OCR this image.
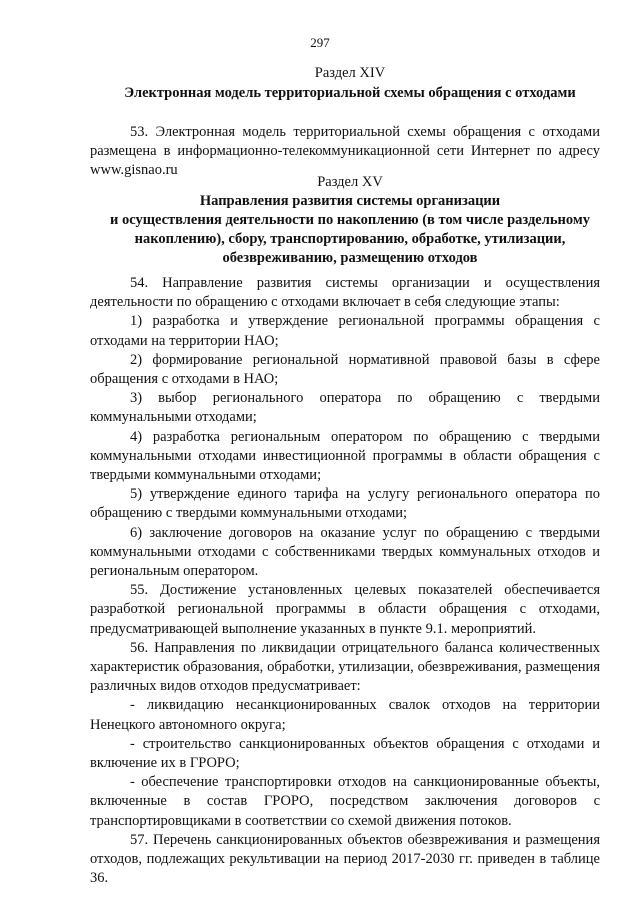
297
Раздел XIV
Электронная модель территориальной схемы обращения с отходами
53. Электронная модель территориальной схемы обращения с отходами размещена в информационно-телекоммуникационной сети Интернет по адресу www.gisnao.ru
Раздел XV
Направления развития системы организации
и осуществления деятельности по накоплению (в том числе раздельному
накоплению), сбору, транспортированию, обработке, утилизации,
обезвреживанию, размещению отходов
54. Направление развития системы организации и осуществления деятельности по обращению с отходами включает в себя следующие этапы:
1) разработка и утверждение региональной программы обращения с отходами на территории НАО;
2) формирование региональной нормативной правовой базы в сфере обращения с отходами в НАО;
3) выбор регионального оператора по обращению с твердыми коммунальными отходами;
4) разработка региональным оператором по обращению с твердыми коммунальными отходами инвестиционной программы в области обращения с твердыми коммунальными отходами;
5) утверждение единого тарифа на услугу регионального оператора по обращению с твердыми коммунальными отходами;
6) заключение договоров на оказание услуг по обращению с твердыми коммунальными отходами с собственниками твердых коммунальных отходов и региональным оператором.
55. Достижение установленных целевых показателей обеспечивается разработкой региональной программы в области обращения с отходами, предусматривающей выполнение указанных в пункте 9.1. мероприятий.
56. Направления по ликвидации отрицательного баланса количественных характеристик образования, обработки, утилизации, обезвреживания, размещения различных видов отходов предусматривает:
- ликвидацию несанкционированных свалок отходов на территории Ненецкого автономного округа;
- строительство санкционированных объектов обращения с отходами и включение их в ГРОРО;
- обеспечение транспортировки отходов на санкционированные объекты, включенные в состав ГРОРО, посредством заключения договоров с транспортировщиками в соответствии со схемой движения потоков.
57. Перечень санкционированных объектов обезвреживания и размещения отходов, подлежащих рекультивации на период 2017-2030 гг. приведен в таблице 36.
